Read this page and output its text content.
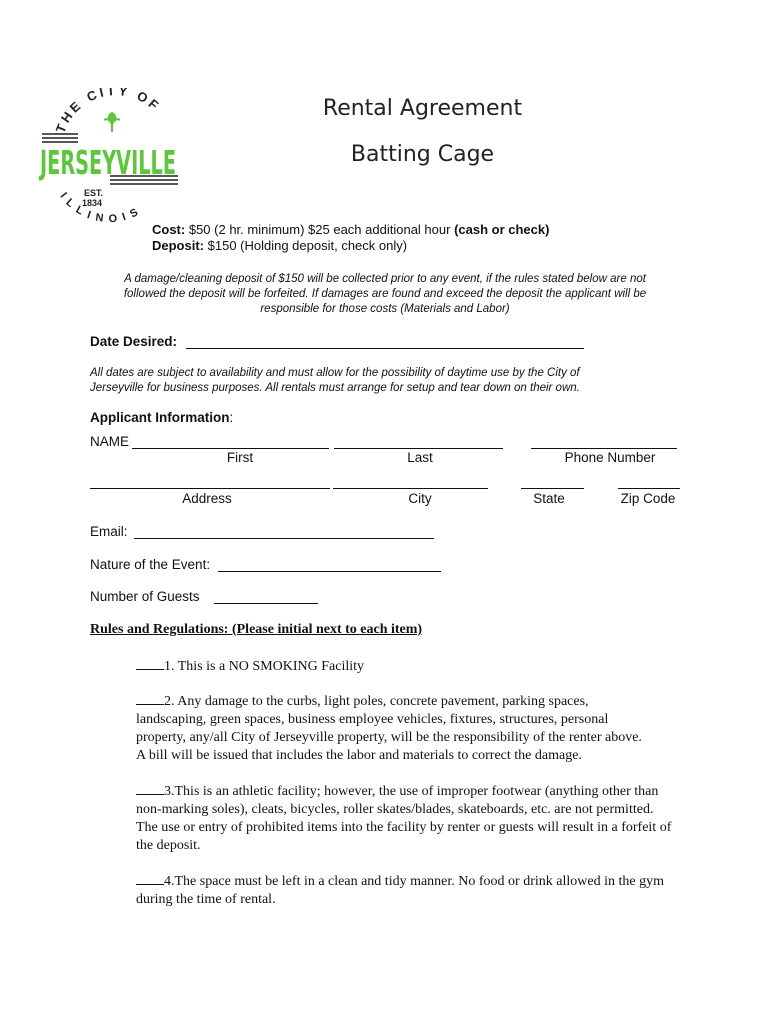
THE CITY OF
JERSEYVILLE
EST.
1834
ILLINOIS
Rental Agreement
Batting Cage
Cost: $50 (2 hr. minimum) $25 each additional hour (cash or check)
Deposit: $150 (Holding deposit, check only)
A damage/cleaning deposit of $150 will be collected prior to any event, if the rules stated below are not
followed the deposit will be forfeited. If damages are found and exceed the deposit the applicant will be
responsible for those costs (Materials and Labor)
Date Desired:
All dates are subject to availability and must allow for the possibility of daytime use by the City of
Jerseyville for business purposes. All rentals must arrange for setup and tear down on their own.
Applicant Information:
NAME
First	Last	Phone Number
Address	City	State	Zip Code
Email:
Nature of the Event:
Number of Guests
Rules and Regulations: (Please initial next to each item)
1. This is a NO SMOKING Facility
2. Any damage to the curbs, light poles, concrete pavement, parking spaces, landscaping, green spaces, business employee vehicles, fixtures, structures, personal property, any/all City of Jerseyville property, will be the responsibility of the renter above. A bill will be issued that includes the labor and materials to correct the damage.
3.This is an athletic facility; however, the use of improper footwear (anything other than non-marking soles), cleats, bicycles, roller skates/blades, skateboards, etc. are not permitted. The use or entry of prohibited items into the facility by renter or guests will result in a forfeit of the deposit.
4.The space must be left in a clean and tidy manner. No food or drink allowed in the gym during the time of rental.
